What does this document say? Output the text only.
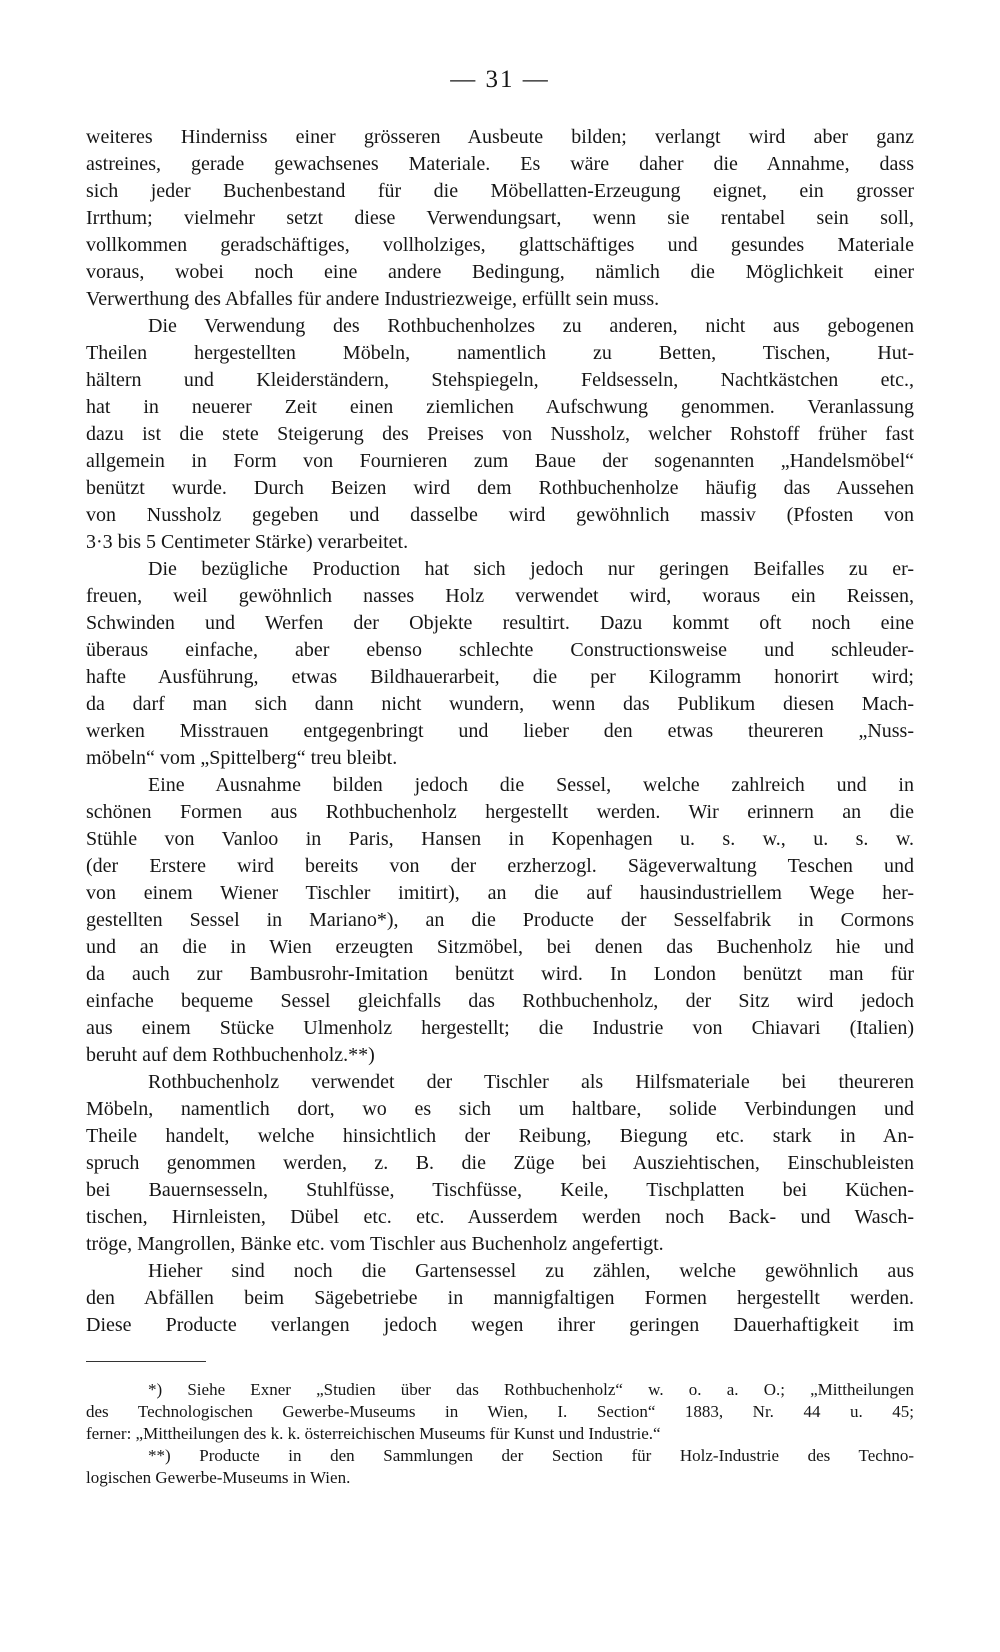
— 31 —
weiteres Hinderniss einer grösseren Ausbeute bilden; verlangt wird aber ganz
astreines, gerade gewachsenes Materiale. Es wäre daher die Annahme, dass
sich jeder Buchenbestand für die Möbellatten-Erzeugung eignet, ein grosser
Irrthum; vielmehr setzt diese Verwendungsart, wenn sie rentabel sein soll,
vollkommen geradschäftiges, vollholziges, glattschäftiges und gesundes Materiale
voraus, wobei noch eine andere Bedingung, nämlich die Möglichkeit einer
Verwerthung des Abfalles für andere Industriezweige, erfüllt sein muss.
Die Verwendung des Rothbuchenholzes zu anderen, nicht aus gebogenen
Theilen hergestellten Möbeln, namentlich zu Betten, Tischen, Hut-
hältern und Kleiderständern, Stehspiegeln, Feldsesseln, Nachtkästchen etc.,
hat in neuerer Zeit einen ziemlichen Aufschwung genommen. Veranlassung
dazu ist die stete Steigerung des Preises von Nussholz, welcher Rohstoff früher fast
allgemein in Form von Fournieren zum Baue der sogenannten „Handelsmöbel“
benützt wurde. Durch Beizen wird dem Rothbuchenholze häufig das Aussehen
von Nussholz gegeben und dasselbe wird gewöhnlich massiv (Pfosten von
3·3 bis 5 Centimeter Stärke) verarbeitet.
Die bezügliche Production hat sich jedoch nur geringen Beifalles zu er-
freuen, weil gewöhnlich nasses Holz verwendet wird, woraus ein Reissen,
Schwinden und Werfen der Objekte resultirt. Dazu kommt oft noch eine
überaus einfache, aber ebenso schlechte Constructionsweise und schleuder-
hafte Ausführung, etwas Bildhauerarbeit, die per Kilogramm honorirt wird;
da darf man sich dann nicht wundern, wenn das Publikum diesen Mach-
werken Misstrauen entgegenbringt und lieber den etwas theureren „Nuss-
möbeln“ vom „Spittelberg“ treu bleibt.
Eine Ausnahme bilden jedoch die Sessel, welche zahlreich und in
schönen Formen aus Rothbuchenholz hergestellt werden. Wir erinnern an die
Stühle von Vanloo in Paris, Hansen in Kopenhagen u. s. w., u. s. w.
(der Erstere wird bereits von der erzherzogl. Sägeverwaltung Teschen und
von einem Wiener Tischler imitirt), an die auf hausindustriellem Wege her-
gestellten Sessel in Mariano*), an die Producte der Sesselfabrik in Cormons
und an die in Wien erzeugten Sitzmöbel, bei denen das Buchenholz hie und
da auch zur Bambusrohr-Imitation benützt wird. In London benützt man für
einfache bequeme Sessel gleichfalls das Rothbuchenholz, der Sitz wird jedoch
aus einem Stücke Ulmenholz hergestellt; die Industrie von Chiavari (Italien)
beruht auf dem Rothbuchenholz.**)
Rothbuchenholz verwendet der Tischler als Hilfsmateriale bei theureren
Möbeln, namentlich dort, wo es sich um haltbare, solide Verbindungen und
Theile handelt, welche hinsichtlich der Reibung, Biegung etc. stark in An-
spruch genommen werden, z. B. die Züge bei Ausziehtischen, Einschubleisten
bei Bauernsesseln, Stuhlfüsse, Tischfüsse, Keile, Tischplatten bei Küchen-
tischen, Hirnleisten, Dübel etc. etc. Ausserdem werden noch Back- und Wasch-
tröge, Mangrollen, Bänke etc. vom Tischler aus Buchenholz angefertigt.
Hieher sind noch die Gartensessel zu zählen, welche gewöhnlich aus
den Abfällen beim Sägebetriebe in mannigfaltigen Formen hergestellt werden.
Diese Producte verlangen jedoch wegen ihrer geringen Dauerhaftigkeit im
*) Siehe Exner „Studien über das Rothbuchenholz“ w. o. a. O.; „Mittheilungen
des Technologischen Gewerbe-Museums in Wien, I. Section“ 1883, Nr. 44 u. 45;
ferner: „Mittheilungen des k. k. österreichischen Museums für Kunst und Industrie.“
**) Producte in den Sammlungen der Section für Holz-Industrie des Techno-
logischen Gewerbe-Museums in Wien.
